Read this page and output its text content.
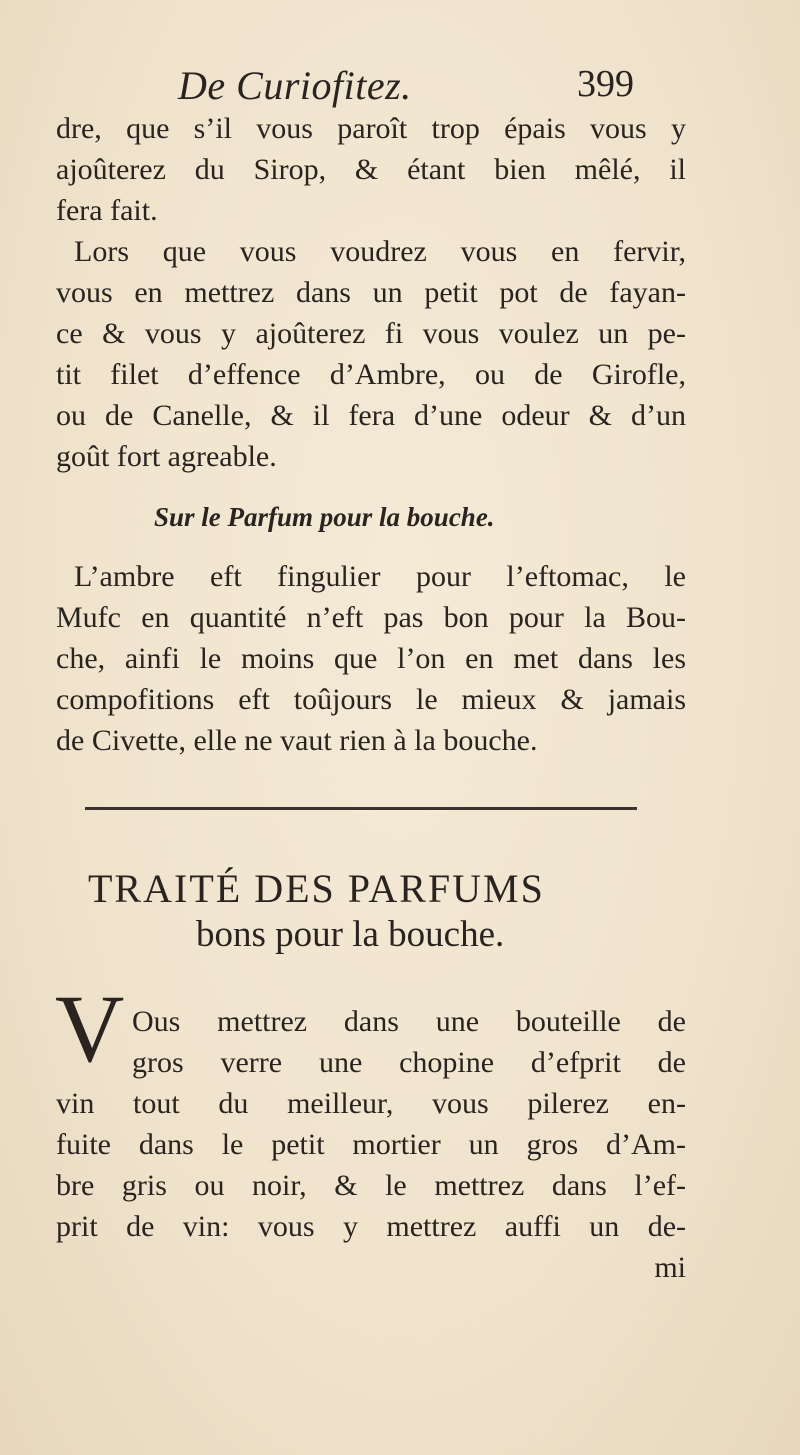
De Curiofitez.	399
dre, que s’il vous paroît trop épais vous y
ajoûterez du Sirop, & étant bien mêlé, il
fera fait.
Lors que vous voudrez vous en fervir,
vous en mettrez dans un petit pot de fayan-
ce & vous y ajoûterez fi vous voulez un pe-
tit filet d’effence d’Ambre, ou de Girofle,
ou de Canelle, & il fera d’une odeur & d’un
goût fort agreable.
Sur le Parfum pour la bouche.
L’ambre eft fingulier pour l’eftomac, le
Mufc en quantité n’eft pas bon pour la Bou-
che, ainfi le moins que l’on en met dans les
compofitions eft toûjours le mieux & jamais
de Civette, elle ne vaut rien à la bouche.
TRAITÉ DES PARFUMS
bons pour la bouche.
V Ous mettrez dans une bouteille de
gros verre une chopine d’efprit de
vin tout du meilleur, vous pilerez en-
fuite dans le petit mortier un gros d’Am-
bre gris ou noir, & le mettrez dans l’ef-
prit de vin: vous y mettrez auffi un de-
mi
